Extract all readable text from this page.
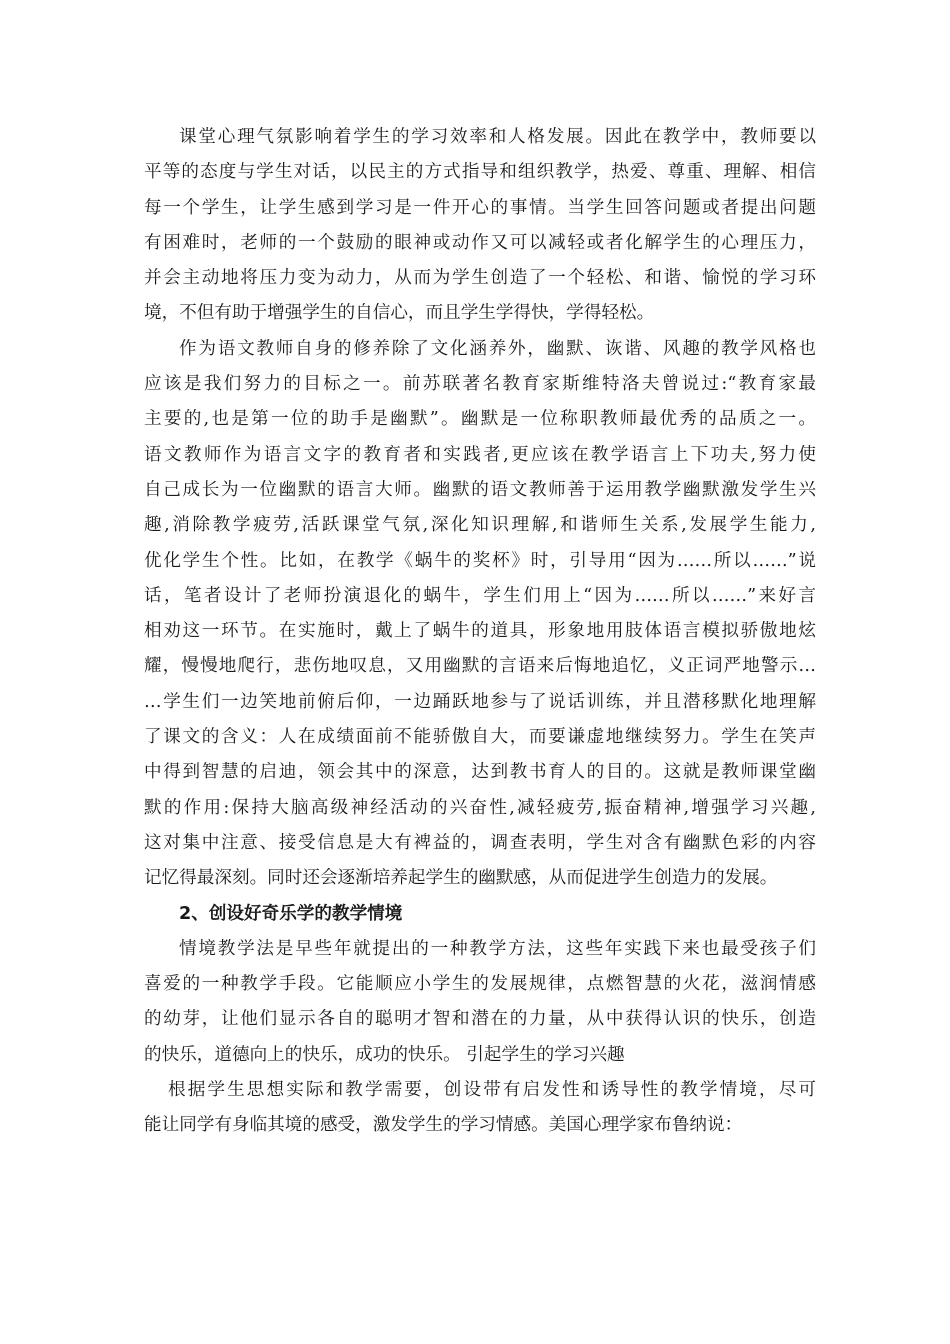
课堂心理气氛影响着学生的学习效率和人格发展。因此在教学中，教师要以
平等的态度与学生对话，以民主的方式指导和组织教学，热爱、尊重、理解、相信
每一个学生，让学生感到学习是一件开心的事情。当学生回答问题或者提出问题
有困难时，老师的一个鼓励的眼神或动作又可以减轻或者化解学生的心理压力，
并会主动地将压力变为动力，从而为学生创造了一个轻松、和谐、愉悦的学习环
境，不但有助于增强学生的自信心，而且学生学得快，学得轻松。
作为语文教师自身的修养除了文化涵养外，幽默、诙谐、风趣的教学风格也
应该是我们努力的目标之一。前苏联著名教育家斯维特洛夫曾说过:“教育家最
主要的,也是第一位的助手是幽默”。幽默是一位称职教师最优秀的品质之一。
语文教师作为语言文字的教育者和实践者,更应该在教学语言上下功夫,努力使
自己成长为一位幽默的语言大师。幽默的语文教师善于运用教学幽默激发学生兴
趣,消除教学疲劳,活跃课堂气氛,深化知识理解,和谐师生关系,发展学生能力,
优化学生个性。比如，在教学《蜗牛的奖杯》时，引导用“因为……所以……”说
话，笔者设计了老师扮演退化的蜗牛，学生们用上“因为……所以……”来好言
相劝这一环节。在实施时，戴上了蜗牛的道具，形象地用肢体语言模拟骄傲地炫
耀，慢慢地爬行，悲伤地叹息，又用幽默的言语来后悔地追忆，义正词严地警示…
…学生们一边笑地前俯后仰，一边踊跃地参与了说话训练，并且潜移默化地理解
了课文的含义：人在成绩面前不能骄傲自大，而要谦虚地继续努力。学生在笑声
中得到智慧的启迪，领会其中的深意，达到教书育人的目的。这就是教师课堂幽
默的作用:保持大脑高级神经活动的兴奋性,减轻疲劳,振奋精神,增强学习兴趣,
这对集中注意、接受信息是大有裨益的，调查表明，学生对含有幽默色彩的内容
记忆得最深刻。同时还会逐渐培养起学生的幽默感，从而促进学生创造力的发展。
2、创设好奇乐学的教学情境
情境教学法是早些年就提出的一种教学方法，这些年实践下来也最受孩子们
喜爱的一种教学手段。它能顺应小学生的发展规律，点燃智慧的火花，滋润情感
的幼芽，让他们显示各自的聪明才智和潜在的力量，从中获得认识的快乐，创造
的快乐，道德向上的快乐，成功的快乐。 引起学生的学习兴趣
根据学生思想实际和教学需要，创设带有启发性和诱导性的教学情境，尽可
能让同学有身临其境的感受，激发学生的学习情感。美国心理学家布鲁纳说：
